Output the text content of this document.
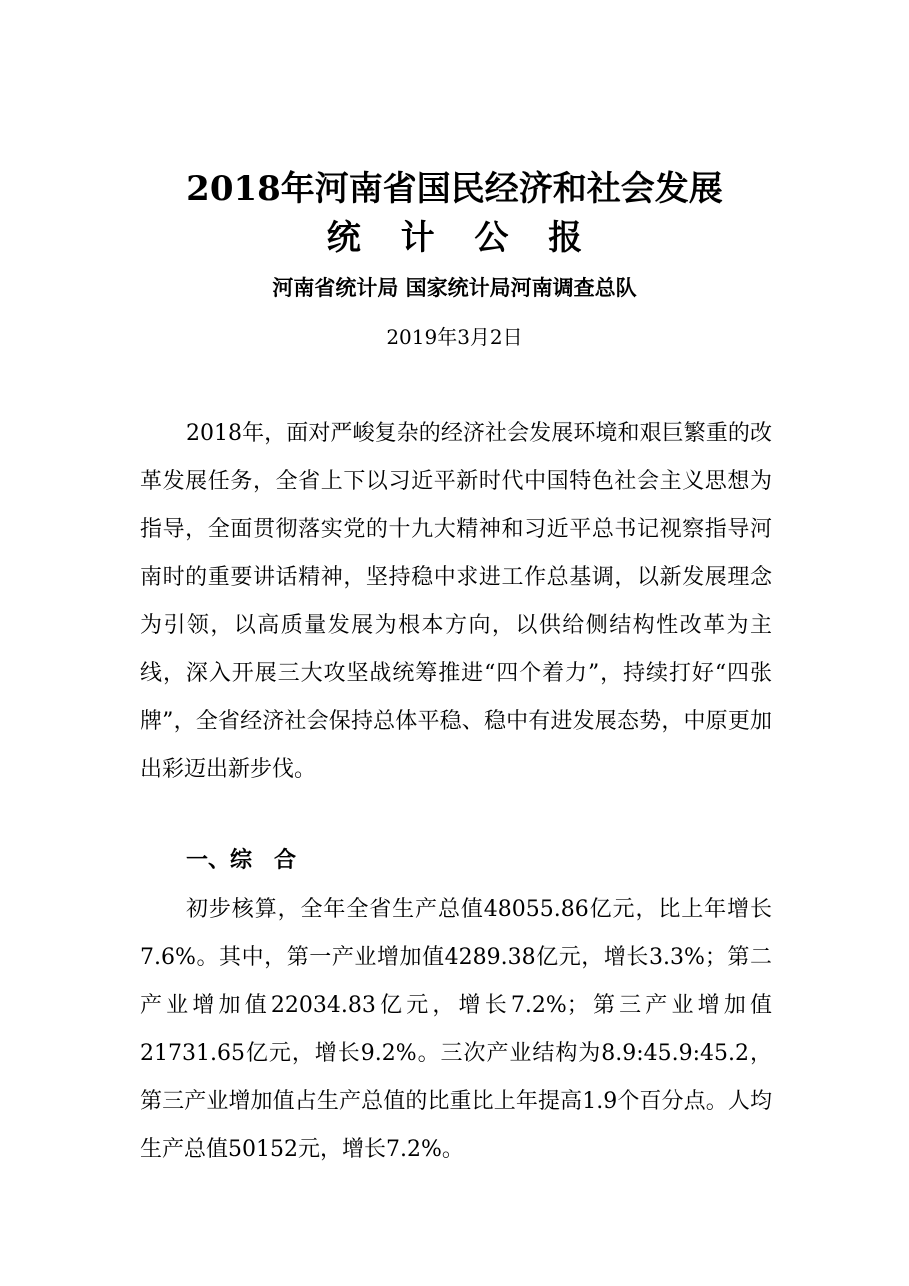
2018年河南省国民经济和社会发展
统 计 公 报
河南省统计局 国家统计局河南调查总队
2019年3月2日

2018年，面对严峻复杂的经济社会发展环境和艰巨繁重的改革发展任务，全省上下以习近平新时代中国特色社会主义思想为指导，全面贯彻落实党的十九大精神和习近平总书记视察指导河南时的重要讲话精神，坚持稳中求进工作总基调，以新发展理念为引领，以高质量发展为根本方向，以供给侧结构性改革为主线，深入开展三大攻坚战统筹推进“四个着力”，持续打好“四张牌”，全省经济社会保持总体平稳、稳中有进发展态势，中原更加出彩迈出新步伐。

一、综　合

初步核算，全年全省生产总值48055.86亿元，比上年增长7.6%。其中，第一产业增加值4289.38亿元，增长3.3%；第二产业增加值22034.83亿元，增长7.2%；第三产业增加值21731.65亿元，增长9.2%。三次产业结构为8.9:45.9:45.2，第三产业增加值占生产总值的比重比上年提高1.9个百分点。人均生产总值50152元，增长7.2%。
